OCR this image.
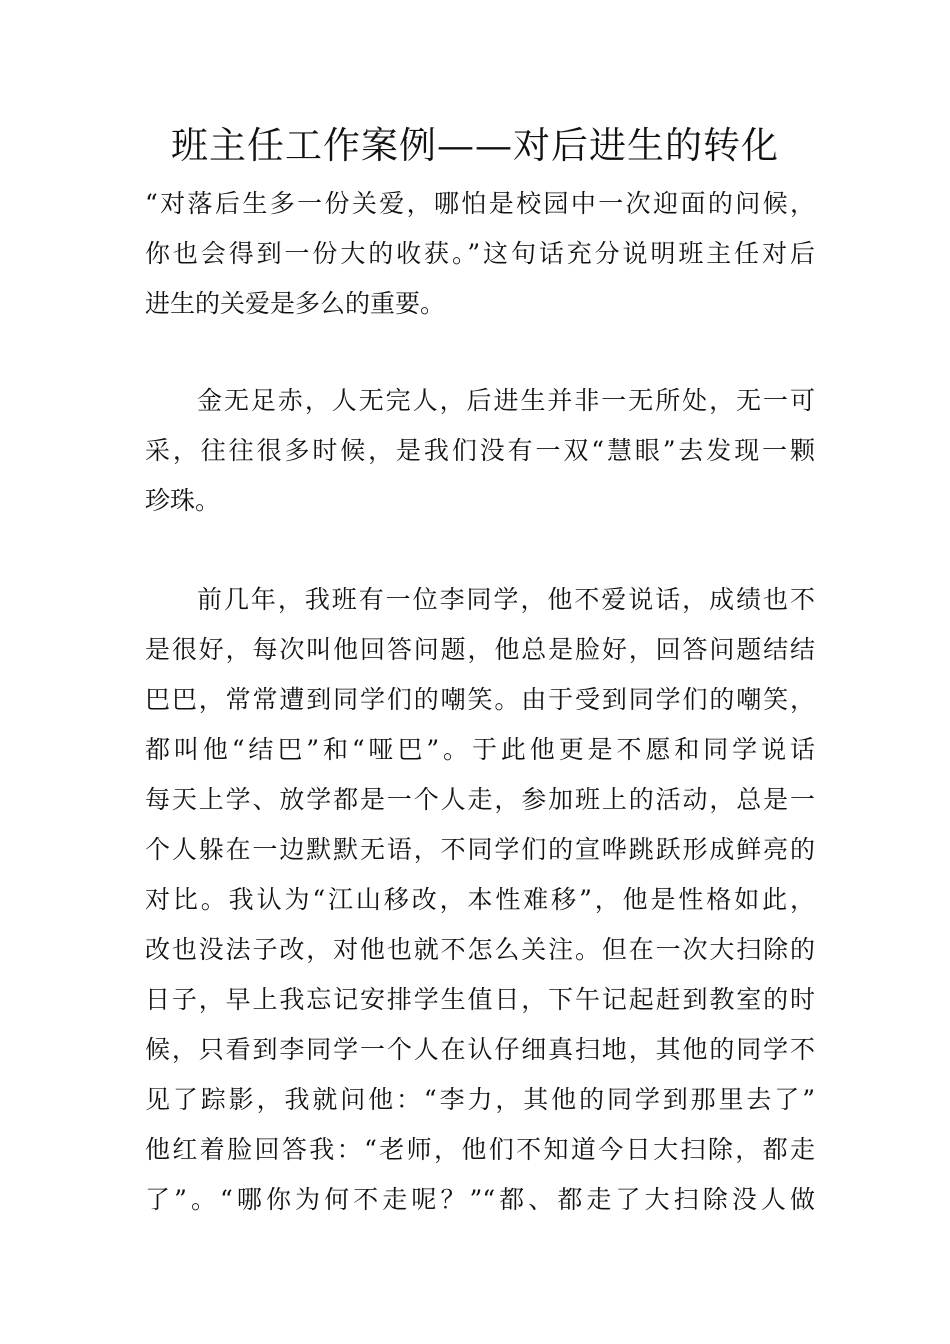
班主任工作案例——对后进生的转化
“对落后生多一份关爱，哪怕是校园中一次迎面的问候，
你也会得到一份大的收获。”这句话充分说明班主任对后
进生的关爱是多么的重要。
金无足赤，人无完人，后进生并非一无所处，无一可
采，往往很多时候，是我们没有一双“慧眼”去发现一颗
珍珠。
前几年，我班有一位李同学，他不爱说话，成绩也不
是很好，每次叫他回答问题，他总是脸好，回答问题结结
巴巴，常常遭到同学们的嘲笑。由于受到同学们的嘲笑，
都叫他“结巴”和“哑巴”。于此他更是不愿和同学说话
每天上学、放学都是一个人走，参加班上的活动，总是一
个人躲在一边默默无语，不同学们的宣哗跳跃形成鲜亮的
对比。我认为“江山移改，本性难移”，他是性格如此，
改也没法子改，对他也就不怎么关注。但在一次大扫除的
日子，早上我忘记安排学生值日，下午记起赶到教室的时
候，只看到李同学一个人在认仔细真扫地，其他的同学不
见了踪影，我就问他：“李力，其他的同学到那里去了”
他红着脸回答我：“老师，他们不知道今日大扫除，都走
了”。“哪你为何不走呢？”“都、都走了大扫除没人做
